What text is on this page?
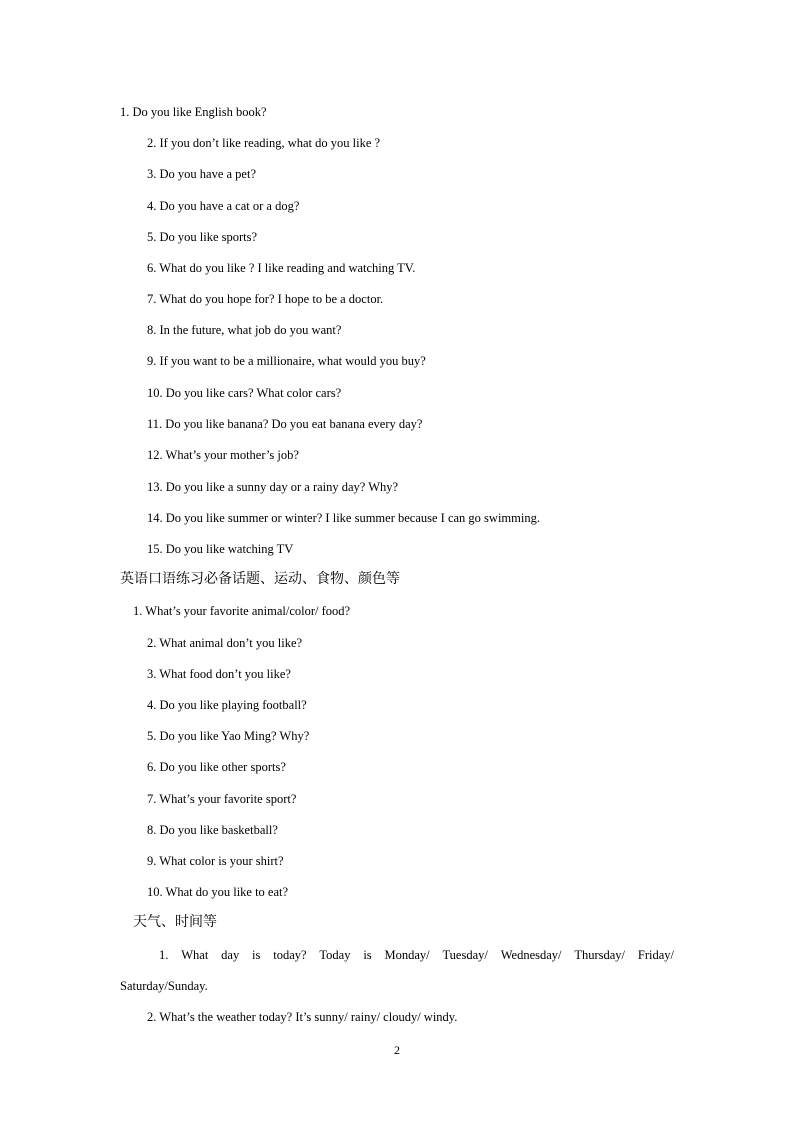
1. Do you like English book?
2. If you don’t like reading, what do you like ?
3. Do you have a pet?
4. Do you have a cat or a dog?
5. Do you like sports?
6. What do you like ? I like reading and watching TV.
7. What do you hope for? I hope to be a doctor.
8. In the future, what job do you want?
9. If you want to be a millionaire, what would you buy?
10. Do you like cars? What color cars?
11. Do you like banana? Do you eat banana every day?
12. What’s your mother’s job?
13. Do you like a sunny day or a rainy day? Why?
14. Do you like summer or winter? I like summer because I can go swimming.
15. Do you like watching TV
英语口语练习必备话题、运动、食物、颜色等
1. What’s your favorite animal/color/ food?
2. What animal don’t you like?
3. What food don’t you like?
4. Do you like playing football?
5. Do you like Yao Ming? Why?
6. Do you like other sports?
7. What’s your favorite sport?
8. Do you like basketball?
9. What color is your shirt?
10. What do you like to eat?
天气、时间等
1. What day is today? Today is Monday/ Tuesday/ Wednesday/ Thursday/ Friday/
Saturday/Sunday.
2. What’s the weather today? It’s sunny/ rainy/ cloudy/ windy.
2
